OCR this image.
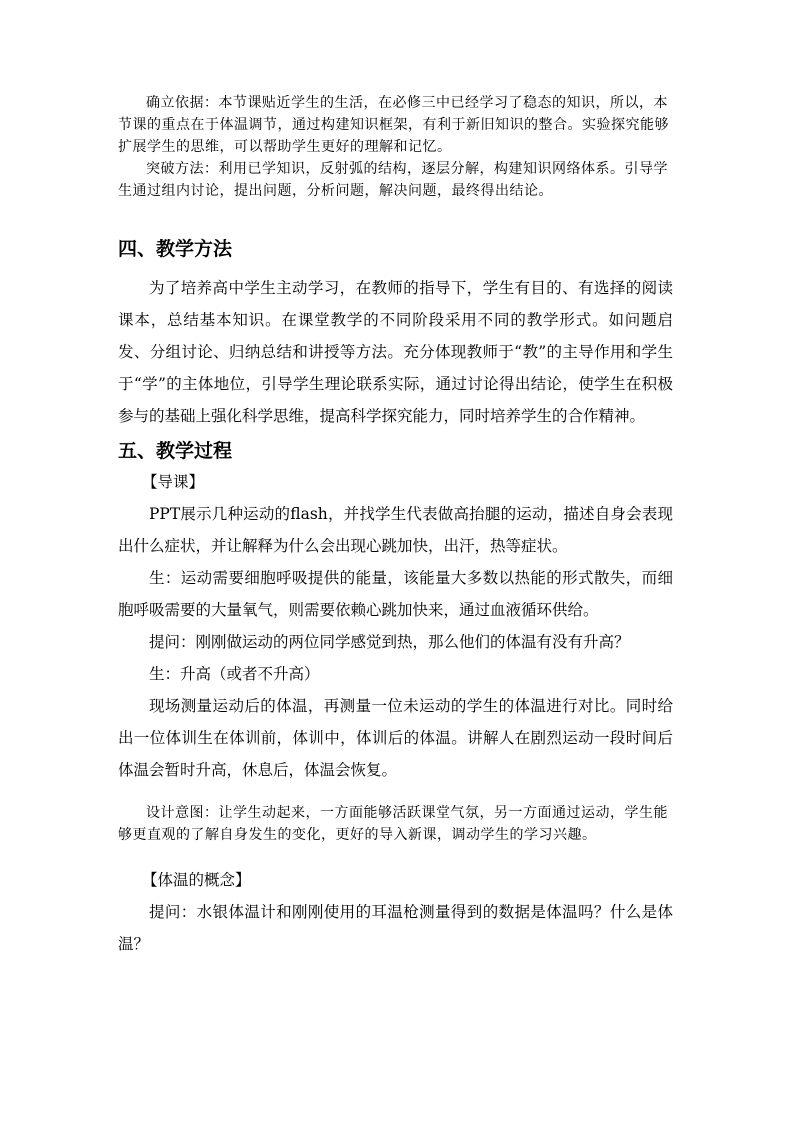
确立依据：本节课贴近学生的生活，在必修三中已经学习了稳态的知识，所以，本节课的重点在于体温调节，通过构建知识框架，有利于新旧知识的整合。实验探究能够扩展学生的思维，可以帮助学生更好的理解和记忆。

突破方法：利用已学知识，反射弧的结构，逐层分解，构建知识网络体系。引导学生通过组内讨论，提出问题，分析问题，解决问题，最终得出结论。

四、教学方法

为了培养高中学生主动学习，在教师的指导下，学生有目的、有选择的阅读课本，总结基本知识。在课堂教学的不同阶段采用不同的教学形式。如问题启发、分组讨论、归纳总结和讲授等方法。充分体现教师于“教”的主导作用和学生于“学”的主体地位，引导学生理论联系实际，通过讨论得出结论，使学生在积极参与的基础上强化科学思维，提高科学探究能力，同时培养学生的合作精神。

五、教学过程

【导课】

PPT展示几种运动的flash，并找学生代表做高抬腿的运动，描述自身会表现出什么症状，并让解释为什么会出现心跳加快，出汗，热等症状。

生：运动需要细胞呼吸提供的能量，该能量大多数以热能的形式散失，而细胞呼吸需要的大量氧气，则需要依赖心跳加快来，通过血液循环供给。

提问：刚刚做运动的两位同学感觉到热，那么他们的体温有没有升高？

生：升高（或者不升高）

现场测量运动后的体温，再测量一位未运动的学生的体温进行对比。同时给出一位体训生在体训前，体训中，体训后的体温。讲解人在剧烈运动一段时间后体温会暂时升高，休息后，体温会恢复。

设计意图：让学生动起来，一方面能够活跃课堂气氛，另一方面通过运动，学生能够更直观的了解自身发生的变化，更好的导入新课，调动学生的学习兴趣。

【体温的概念】

提问：水银体温计和刚刚使用的耳温枪测量得到的数据是体温吗？什么是体温？
